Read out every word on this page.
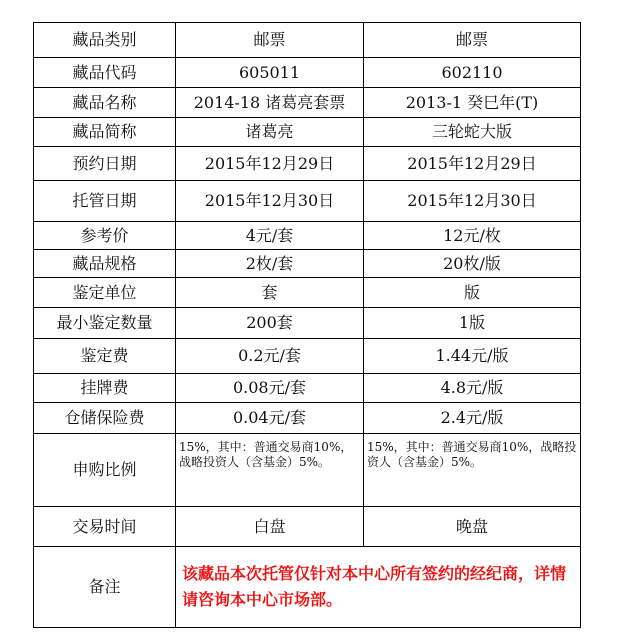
藏品类别	邮票	邮票
藏品代码	605011	602110
藏品名称	2014-18 诸葛亮套票	2013-1 癸巳年(T)
藏品简称	诸葛亮	三轮蛇大版
预约日期	2015年12月29日	2015年12月29日
托管日期	2015年12月30日	2015年12月30日
参考价	4元/套	12元/枚
藏品规格	2枚/套	20枚/版
鉴定单位	套	版
最小鉴定数量	200套	1版
鉴定费	0.2元/套	1.44元/版
挂牌费	0.08元/套	4.8元/版
仓储保险费	0.04元/套	2.4元/版
申购比例	15%，其中：普通交易商10%，战略投资人（含基金）5%。	15%，其中：普通交易商10%，战略投资人（含基金）5%。
交易时间	白盘	晚盘
备注	该藏品本次托管仅针对本中心所有签约的经纪商，详情请咨询本中心市场部。	
